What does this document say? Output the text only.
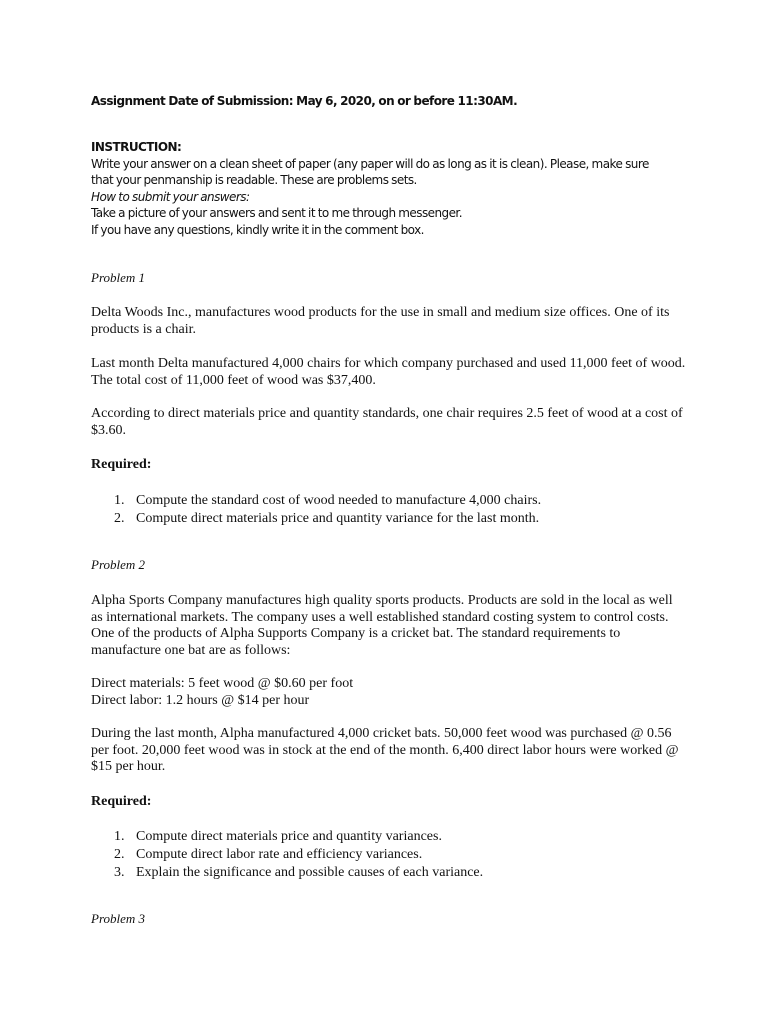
Assignment Date of Submission: May 6, 2020, on or before 11:30AM.
INSTRUCTION:
Write your answer on a clean sheet of paper (any paper will do as long as it is clean). Please, make sure
that your penmanship is readable. These are problems sets.
How to submit your answers:
Take a picture of your answers and sent it to me through messenger.
If you have any questions, kindly write it in the comment box.
Problem 1
Delta Woods Inc., manufactures wood products for the use in small and medium size offices. One of its
products is a chair.
Last month Delta manufactured 4,000 chairs for which company purchased and used 11,000 feet of wood.
The total cost of 11,000 feet of wood was $37,400.
According to direct materials price and quantity standards, one chair requires 2.5 feet of wood at a cost of
$3.60.
Required:
1. Compute the standard cost of wood needed to manufacture 4,000 chairs.
2. Compute direct materials price and quantity variance for the last month.
Problem 2
Alpha Sports Company manufactures high quality sports products. Products are sold in the local as well
as international markets. The company uses a well established standard costing system to control costs.
One of the products of Alpha Supports Company is a cricket bat. The standard requirements to
manufacture one bat are as follows:
Direct materials: 5 feet wood @ $0.60 per foot
Direct labor: 1.2 hours @ $14 per hour
During the last month, Alpha manufactured 4,000 cricket bats. 50,000 feet wood was purchased @ 0.56
per foot. 20,000 feet wood was in stock at the end of the month. 6,400 direct labor hours were worked @
$15 per hour.
Required:
1. Compute direct materials price and quantity variances.
2. Compute direct labor rate and efficiency variances.
3. Explain the significance and possible causes of each variance.
Problem 3
